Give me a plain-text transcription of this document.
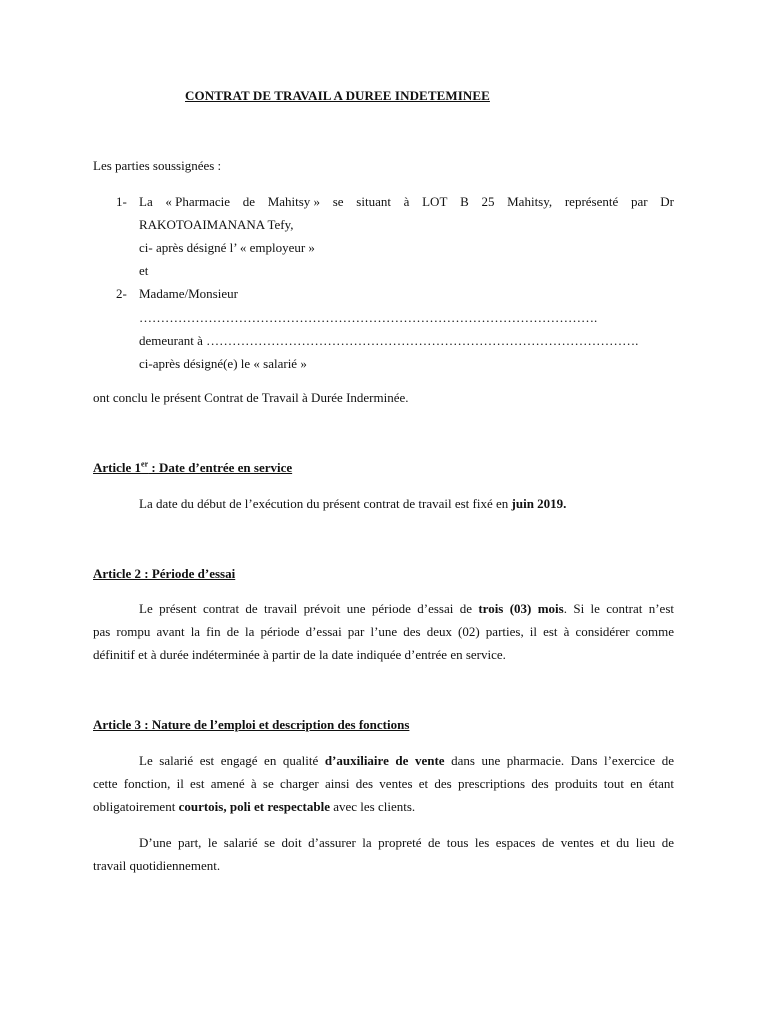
CONTRAT DE TRAVAIL A DUREE INDETEMINEE
Les parties soussignées :
1- La « Pharmacie de Mahitsy » se situant à LOT B 25 Mahitsy, représenté par Dr
RAKOTOAIMANANA Tefy,
ci- après désigné l’ « employeur »
et
2- Madame/Monsieur
…………………………………………………………………………………………….
demeurant à ……………………………………………………………………………………….
ci-après désigné(e) le « salarié »
ont conclu le présent Contrat de Travail à Durée Inderminée.
Article 1er : Date d’entrée en service
La date du début de l’exécution du présent contrat de travail est fixé en juin 2019.
Article 2 : Période d’essai
Le présent contrat de travail prévoit une période d’essai de trois (03) mois. Si le contrat n’est
pas rompu avant la fin de la période d’essai par l’une des deux (02) parties, il est à considérer comme
définitif et à durée indéterminée à partir de la date indiquée d’entrée en service.
Article 3 : Nature de l’emploi et description des fonctions
Le salarié est engagé en qualité d’auxiliaire de vente dans une pharmacie. Dans l’exercice de
cette fonction, il est amené à se charger ainsi des ventes et des prescriptions des produits tout en étant
obligatoirement courtois, poli et respectable avec les clients.
D’une part, le salarié se doit d’assurer la propreté de tous les espaces de ventes et du lieu de
travail quotidiennement.
